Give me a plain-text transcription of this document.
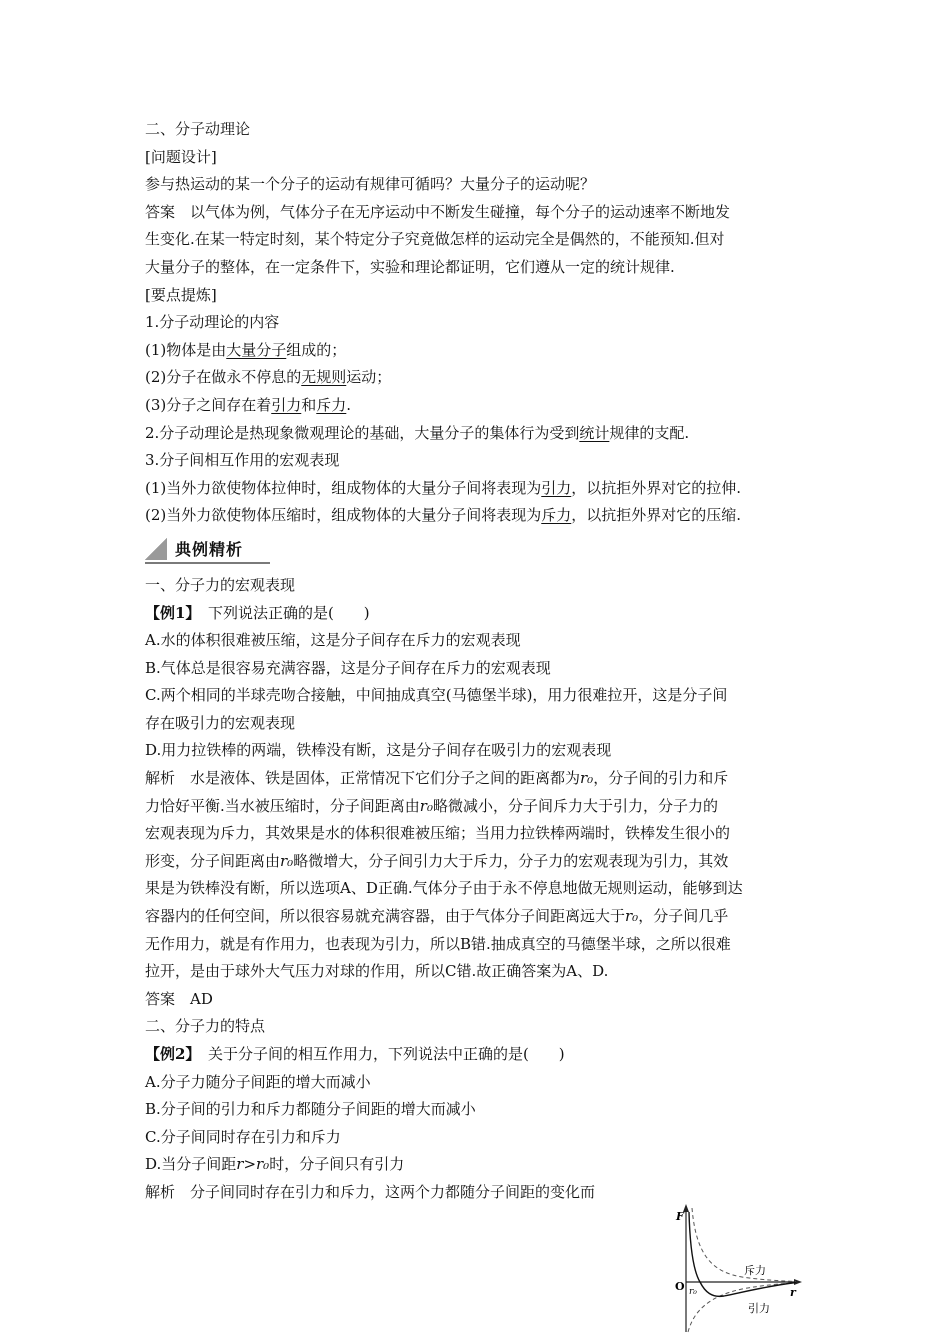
二、分子动理论
[问题设计]
参与热运动的某一个分子的运动有规律可循吗？大量分子的运动呢？
答案　以气体为例，气体分子在无序运动中不断发生碰撞，每个分子的运动速率不断地发
生变化.在某一特定时刻，某个特定分子究竟做怎样的运动完全是偶然的，不能预知.但对
大量分子的整体，在一定条件下，实验和理论都证明，它们遵从一定的统计规律.
[要点提炼]
1.分子动理论的内容
(1)物体是由大量分子组成的；
(2)分子在做永不停息的无规则运动；
(3)分子之间存在着引力和斥力.
2.分子动理论是热现象微观理论的基础，大量分子的集体行为受到统计规律的支配.
3.分子间相互作用的宏观表现
(1)当外力欲使物体拉伸时，组成物体的大量分子间将表现为引力，以抗拒外界对它的拉伸.
(2)当外力欲使物体压缩时，组成物体的大量分子间将表现为斥力，以抗拒外界对它的压缩.
典例精析
一、分子力的宏观表现
【例1】　下列说法正确的是(　　)
A.水的体积很难被压缩，这是分子间存在斥力的宏观表现
B.气体总是很容易充满容器，这是分子间存在斥力的宏观表现
C.两个相同的半球壳吻合接触，中间抽成真空(马德堡半球)，用力很难拉开，这是分子间
存在吸引力的宏观表现
D.用力拉铁棒的两端，铁棒没有断，这是分子间存在吸引力的宏观表现
解析　水是液体、铁是固体，正常情况下它们分子之间的距离都为r₀，分子间的引力和斥
力恰好平衡.当水被压缩时，分子间距离由r₀略微减小，分子间斥力大于引力，分子力的
宏观表现为斥力，其效果是水的体积很难被压缩；当用力拉铁棒两端时，铁棒发生很小的
形变，分子间距离由r₀略微增大，分子间引力大于斥力，分子力的宏观表现为引力，其效
果是为铁棒没有断，所以选项A、D正确.气体分子由于永不停息地做无规则运动，能够到达
容器内的任何空间，所以很容易就充满容器，由于气体分子间距离远大于r₀，分子间几乎
无作用力，就是有作用力，也表现为引力，所以B错.抽成真空的马德堡半球，之所以很难
拉开，是由于球外大气压力对球的作用，所以C错.故正确答案为A、D.
答案　AD
二、分子力的特点
【例2】　关于分子间的相互作用力，下列说法中正确的是(　　)
A.分子力随分子间距的增大而减小
B.分子间的引力和斥力都随分子间距的增大而减小
C.分子间同时存在引力和斥力
D.当分子间距r>r₀时，分子间只有引力
解析　分子间同时存在引力和斥力，这两个力都随分子间距的变化而
F
O r₀	r
斥力
引力
